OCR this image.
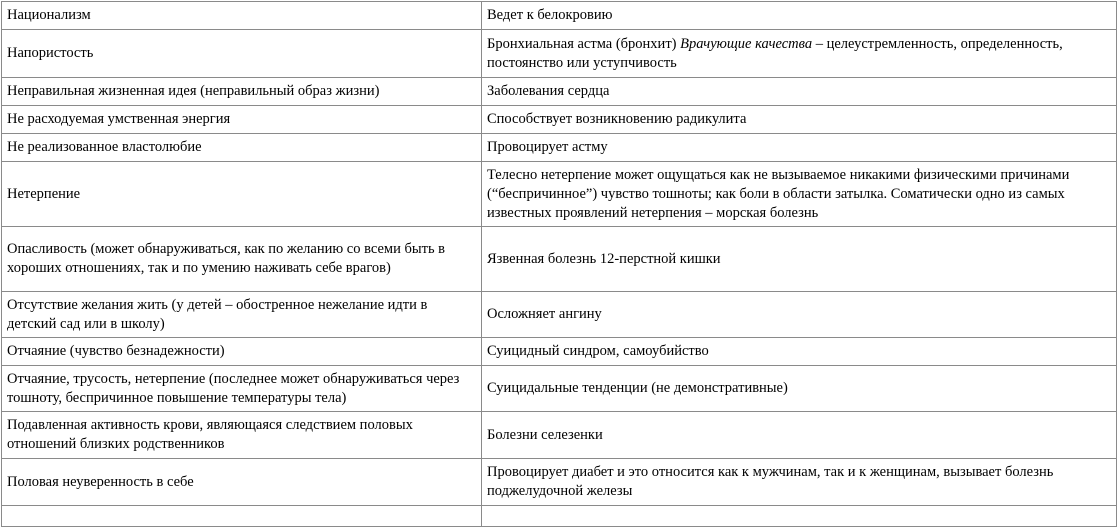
Национализм	Ведет к белокровию
Напористость	Бронхиальная астма (бронхит) Врачующие качества – целеустремленность, определенность, постоянство или уступчивость
Неправильная жизненная идея (неправильный образ жизни)	Заболевания сердца
Не расходуемая умственная энергия	Способствует возникновению радикулита
Не реализованное властолюбие	Провоцирует астму
Нетерпение	Телесно нетерпение может ощущаться как не вызываемое никакими физическими причинами (“беспричинное”) чувство тошноты; как боли в области затылка. Соматически одно из самых известных проявлений нетерпения – морская болезнь
Опасливость (может обнаруживаться, как по желанию со всеми быть в хороших отношениях, так и по умению наживать себе врагов)	Язвенная болезнь 12-перстной кишки
Отсутствие желания жить (у детей – обостренное нежелание идти в детский сад или в школу)	Осложняет ангину
Отчаяние (чувство безнадежности)	Суицидный синдром, самоубийство
Отчаяние, трусость, нетерпение (последнее может обнаруживаться через тошноту, беспричинное повышение температуры тела)	Суицидальные тенденции (не демонстративные)
Подавленная активность крови, являющаяся следствием половых отношений близких родственников	Болезни селезенки
Половая неуверенность в себе	Провоцирует диабет и это относится как к мужчинам, так и к женщинам, вызывает болезнь поджелудочной железы
